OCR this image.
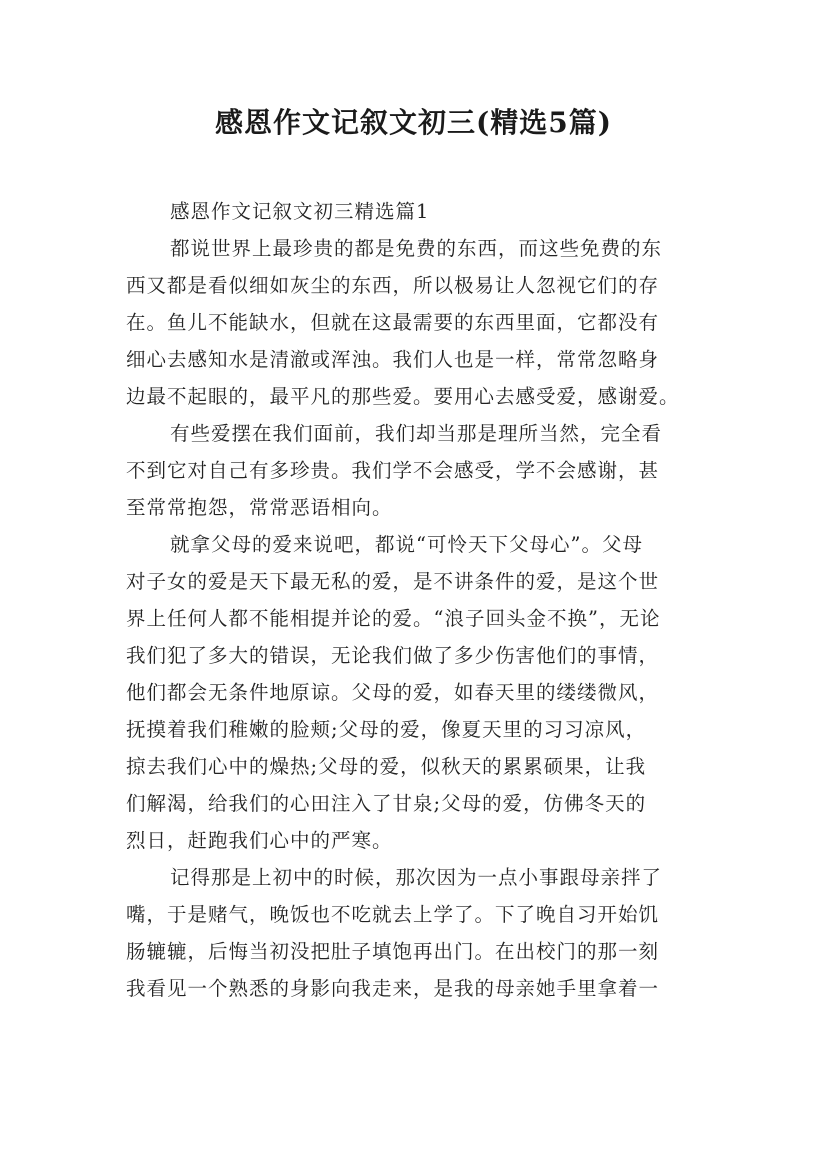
感恩作文记叙文初三(精选5篇)
感恩作文记叙文初三精选篇1
都说世界上最珍贵的都是免费的东西，而这些免费的东
西又都是看似细如灰尘的东西，所以极易让人忽视它们的存
在。鱼儿不能缺水，但就在这最需要的东西里面，它都没有
细心去感知水是清澈或浑浊。我们人也是一样，常常忽略身
边最不起眼的，最平凡的那些爱。要用心去感受爱，感谢爱。
有些爱摆在我们面前，我们却当那是理所当然，完全看
不到它对自己有多珍贵。我们学不会感受，学不会感谢，甚
至常常抱怨，常常恶语相向。
就拿父母的爱来说吧，都说“可怜天下父母心”。父母
对子女的爱是天下最无私的爱，是不讲条件的爱，是这个世
界上任何人都不能相提并论的爱。“浪子回头金不换”，无论
我们犯了多大的错误，无论我们做了多少伤害他们的事情，
他们都会无条件地原谅。父母的爱，如春天里的缕缕微风，
抚摸着我们稚嫩的脸颊;父母的爱，像夏天里的习习凉风，
掠去我们心中的燥热;父母的爱，似秋天的累累硕果，让我
们解渴，给我们的心田注入了甘泉;父母的爱，仿佛冬天的
烈日，赶跑我们心中的严寒。
记得那是上初中的时候，那次因为一点小事跟母亲拌了
嘴，于是赌气，晚饭也不吃就去上学了。下了晚自习开始饥
肠辘辘，后悔当初没把肚子填饱再出门。在出校门的那一刻
我看见一个熟悉的身影向我走来，是我的母亲她手里拿着一
